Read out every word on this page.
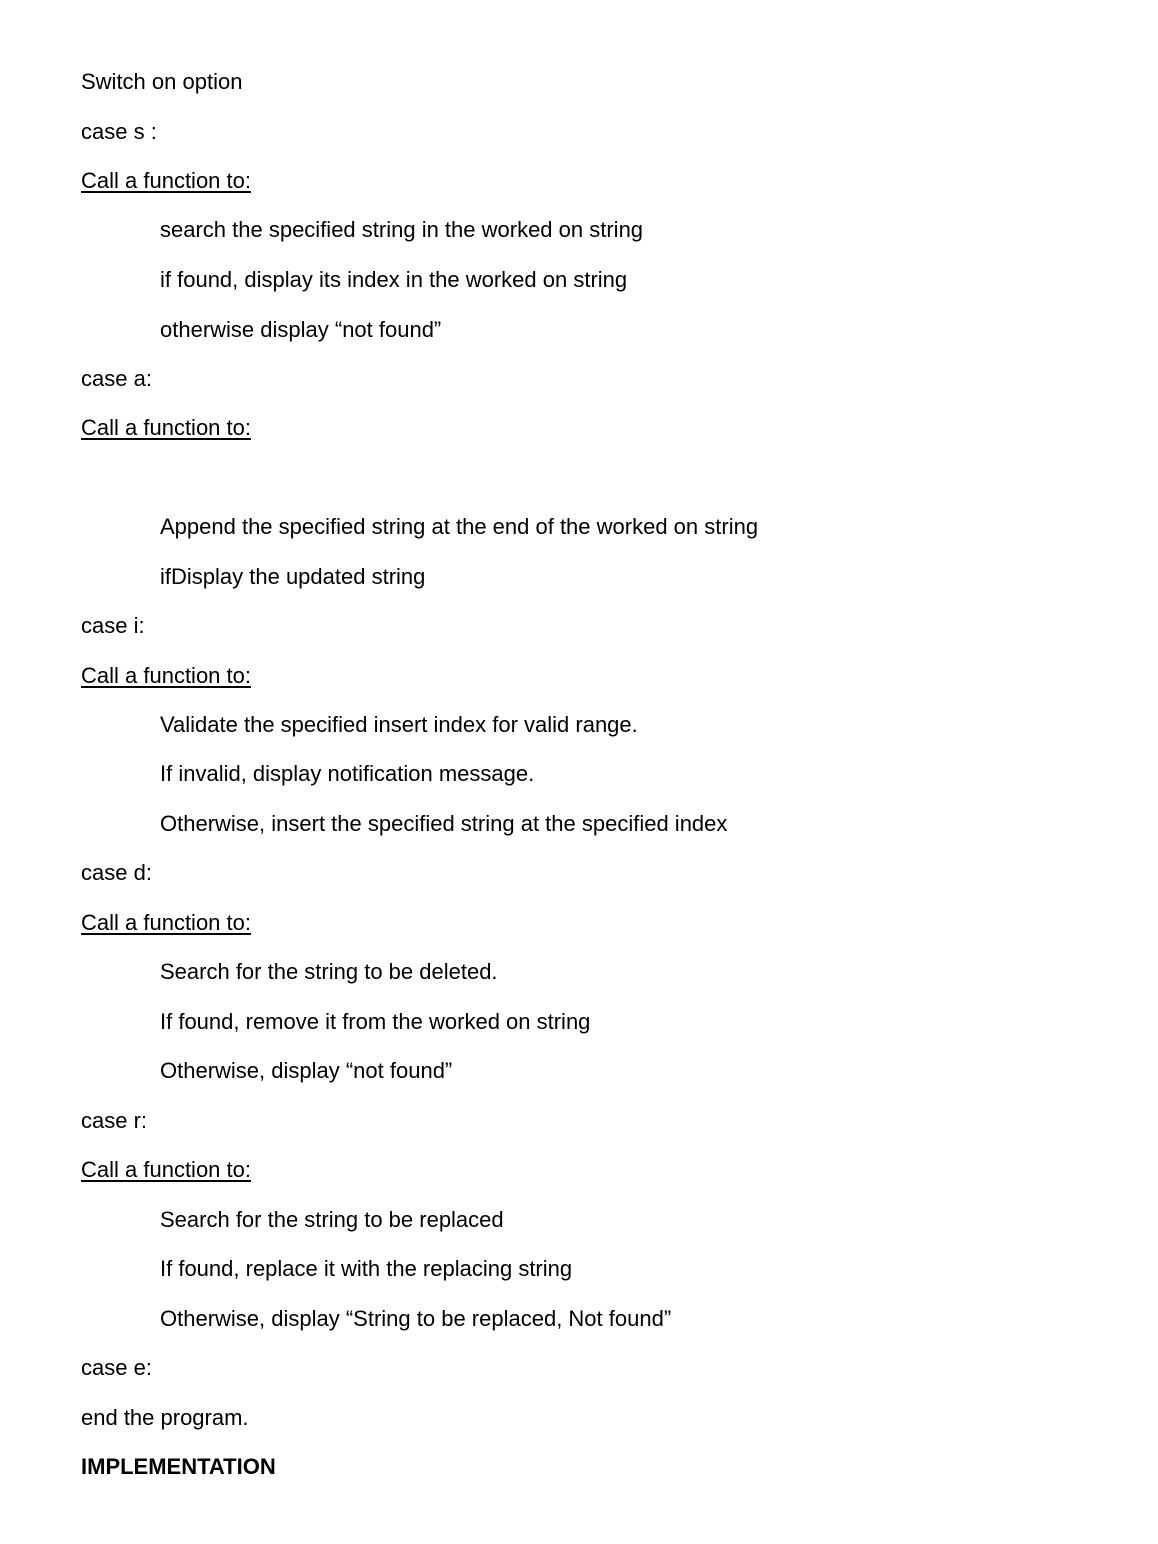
Switch on option
case s :
Call a function to:
search the specified string in the worked on string
if found, display its index in the worked on string
otherwise display “not found”
case a:
Call a function to:
Append the specified string at the end of the worked on string
ifDisplay the updated string
case i:
Call a function to:
Validate the specified insert index for valid range.
If invalid, display notification message.
Otherwise, insert the specified string at the specified index
case d:
Call a function to:
Search for the string to be deleted.
If found, remove it from the worked on string
Otherwise, display “not found”
case r:
Call a function to:
Search for the string to be replaced
If found, replace it with the replacing string
Otherwise, display “String to be replaced, Not found”
case e:
end the program.
IMPLEMENTATION
